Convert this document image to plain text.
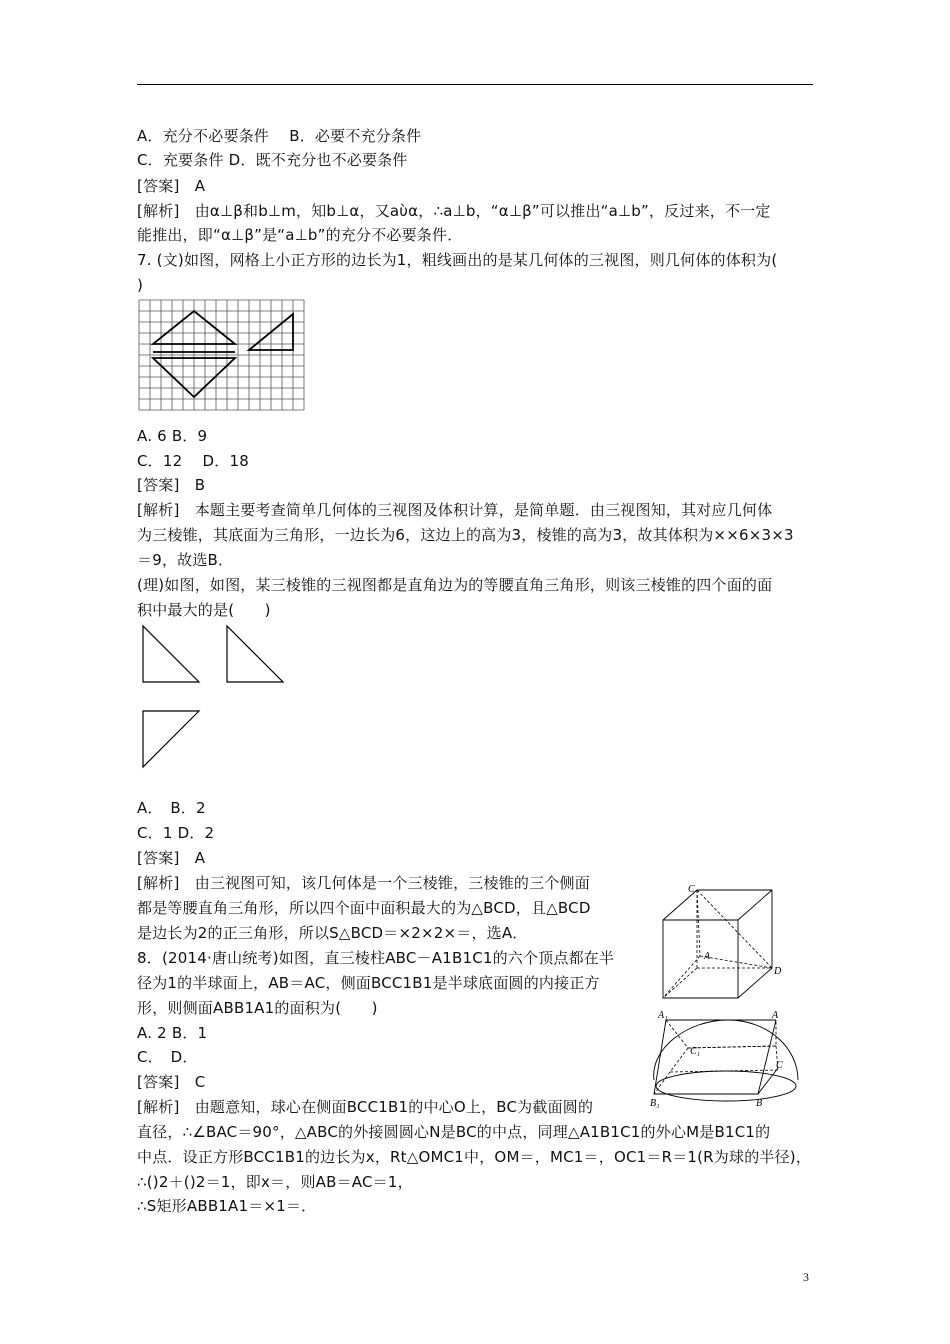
A．充分不必要条件　 B．必要不充分条件
C．充要条件 D．既不充分也不必要条件
[答案]　A
[解析]　由α⊥β和b⊥m，知b⊥α，又aὺα，∴a⊥b，“α⊥β”可以推出“a⊥b”，反过来，不一定
能推出，即“α⊥β”是“a⊥b”的充分不必要条件．
7. (文)如图，网格上小正方形的边长为1，粗线画出的是某几何体的三视图，则几何体的体积为(
)
A. 6 B．9
C．12　 D．18
[答案]　B
[解析]　本题主要考查简单几何体的三视图及体积计算，是简单题．由三视图知，其对应几何体
为三棱锥，其底面为三角形，一边长为6，这边上的高为3，棱锥的高为3，故其体积为××6×3×3
＝9，故选B．
(理)如图，如图，某三棱锥的三视图都是直角边为的等腰直角三角形，则该三棱锥的四个面的面
积中最大的是(　　)
A．　B．2
C．1 D．2
[答案]　A
[解析]　由三视图可知，该几何体是一个三棱锥，三棱锥的三个侧面
都是等腰直角三角形，所以四个面中面积最大的为△BCD，且△BCD
是边长为2的正三角形，所以S△BCD＝×2×2×＝，选A．
8．(2014·唐山统考)如图，直三棱柱ABC－A1B1C1的六个顶点都在半
径为1的半球面上，AB＝AC，侧面BCC1B1是半球底面圆的内接正方
形，则侧面ABB1A1的面积为(　　)
A. 2 B．1
C．　D．
[答案]　C
[解析]　由题意知，球心在侧面BCC1B1的中心O上，BC为截面圆的
直径，∴∠BAC＝90°，△ABC的外接圆圆心N是BC的中点，同理△A1B1C1的外心M是B1C1的
中点．设正方形BCC1B1的边长为x，Rt△OMC1中，OM＝，MC1＝，OC1＝R＝1(R为球的半径)，
∴()2＋()2＝1，即x＝，则AB＝AC＝1，
∴S矩形ABB1A1＝×1＝．
C
A
D
A₁	A
C₁
C
B₁	B
3
